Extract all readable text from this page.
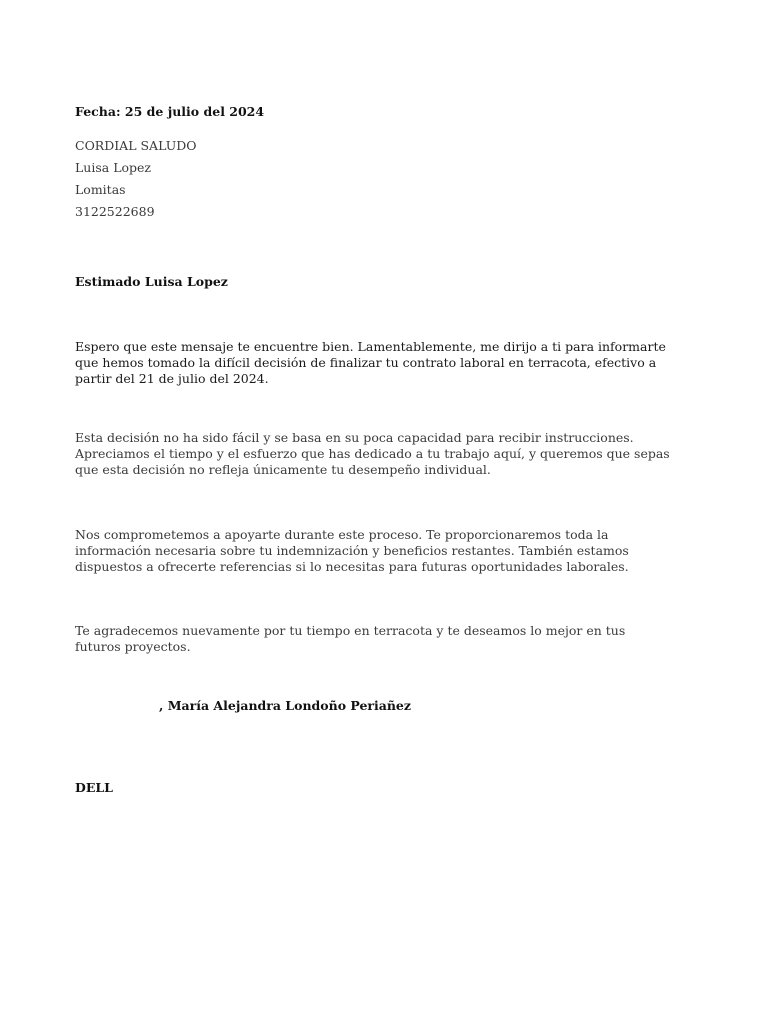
Fecha: 25 de julio del 2024

CORDIAL SALUDO
Luisa Lopez
Lomitas
3122522689

Estimado Luisa Lopez

Espero que este mensaje te encuentre bien. Lamentablemente, me dirijo a ti para informarte que hemos tomado la difícil decisión de finalizar tu contrato laboral en terracota, efectivo a partir del 21 de julio del 2024.

Esta decisión no ha sido fácil y se basa en su poca capacidad para recibir instrucciones. Apreciamos el tiempo y el esfuerzo que has dedicado a tu trabajo aquí, y queremos que sepas que esta decisión no refleja únicamente tu desempeño individual.

Nos comprometemos a apoyarte durante este proceso. Te proporcionaremos toda la información necesaria sobre tu indemnización y beneficios restantes. También estamos dispuestos a ofrecerte referencias si lo necesitas para futuras oportunidades laborales.

Te agradecemos nuevamente por tu tiempo en terracota y te deseamos lo mejor en tus futuros proyectos.

, María Alejandra Londoño Periañez

DELL
